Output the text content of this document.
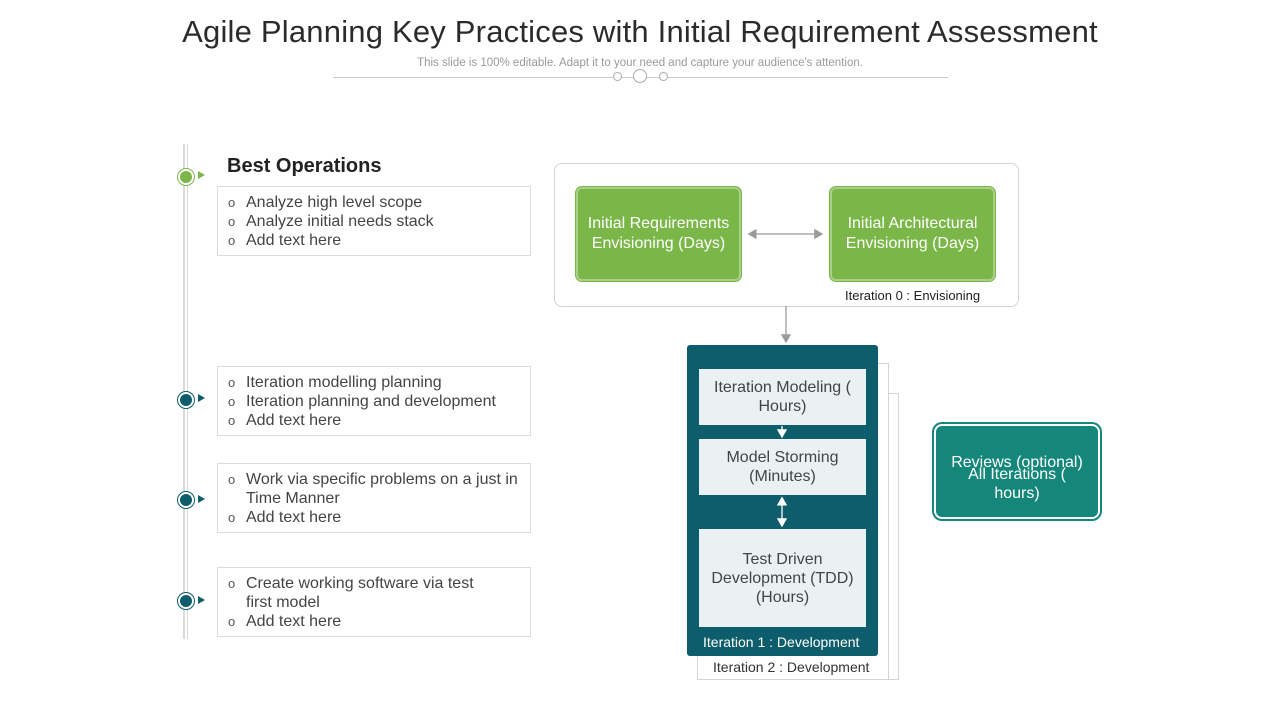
Agile Planning Key Practices with Initial Requirement Assessment
This slide is 100% editable. Adapt it to your need and capture your audience's attention.
Best Operations
o Analyze high level scope
o Analyze initial needs stack
o Add text here
o Iteration modelling planning
o Iteration planning and development
o Add text here
o Work via specific problems on a just in
Time Manner
o Add text here
o Create working software via test
first model
o Add text here
Initial Requirements Envisioning (Days)
Initial Architectural Envisioning (Days)
Iteration 0 : Envisioning
Iteration 2 : Development
Iteration Modeling ( Hours)
Model Storming (Minutes)
Test Driven Development (TDD) (Hours)
Iteration 1 : Development
Reviews (optional)
All Iterations (
hours)
